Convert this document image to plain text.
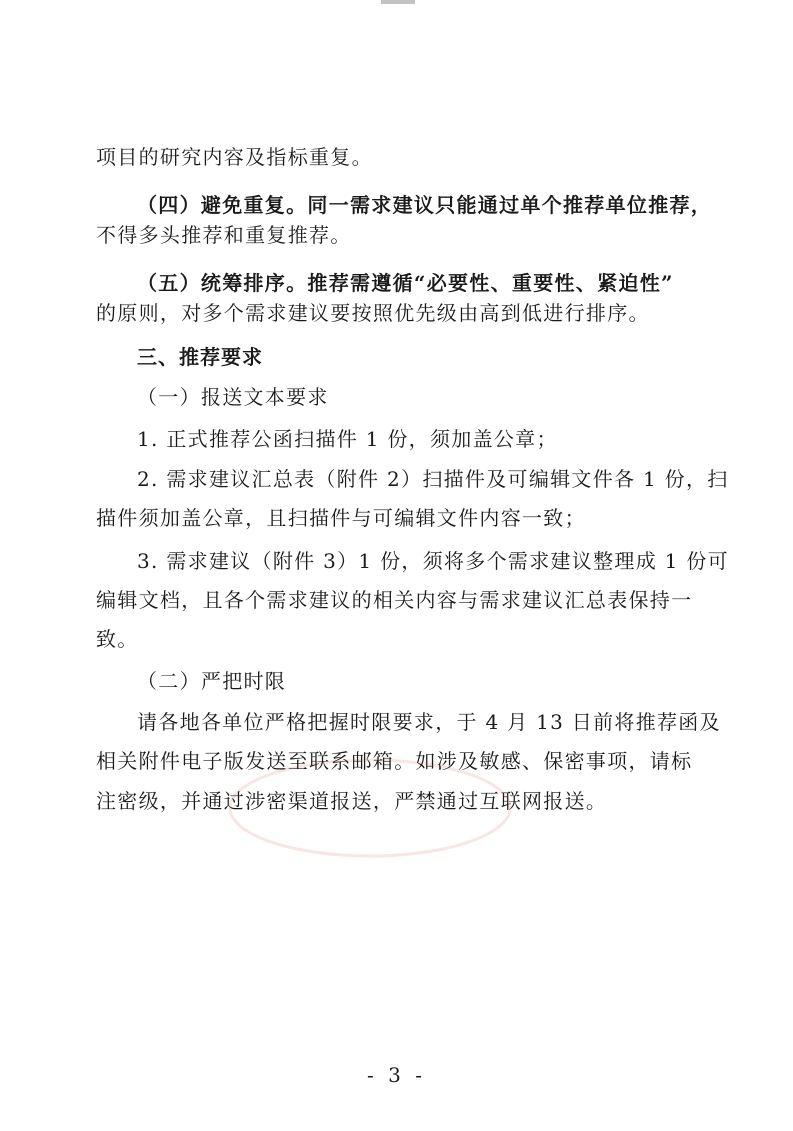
项目的研究内容及指标重复。
（四）避免重复。同一需求建议只能通过单个推荐单位推荐，
不得多头推荐和重复推荐。
（五）统筹排序。推荐需遵循“必要性、重要性、紧迫性”
的原则，对多个需求建议要按照优先级由高到低进行排序。
三、推荐要求
（一）报送文本要求
1. 正式推荐公函扫描件 1 份，须加盖公章；
2. 需求建议汇总表（附件 2）扫描件及可编辑文件各 1 份，扫
描件须加盖公章，且扫描件与可编辑文件内容一致；
3. 需求建议（附件 3）1 份，须将多个需求建议整理成 1 份可
编辑文档，且各个需求建议的相关内容与需求建议汇总表保持一
致。
（二）严把时限
请各地各单位严格把握时限要求，于 4 月 13 日前将推荐函及
相关附件电子版发送至联系邮箱。如涉及敏感、保密事项，请标
注密级，并通过涉密渠道报送，严禁通过互联网报送。
- 3 -
